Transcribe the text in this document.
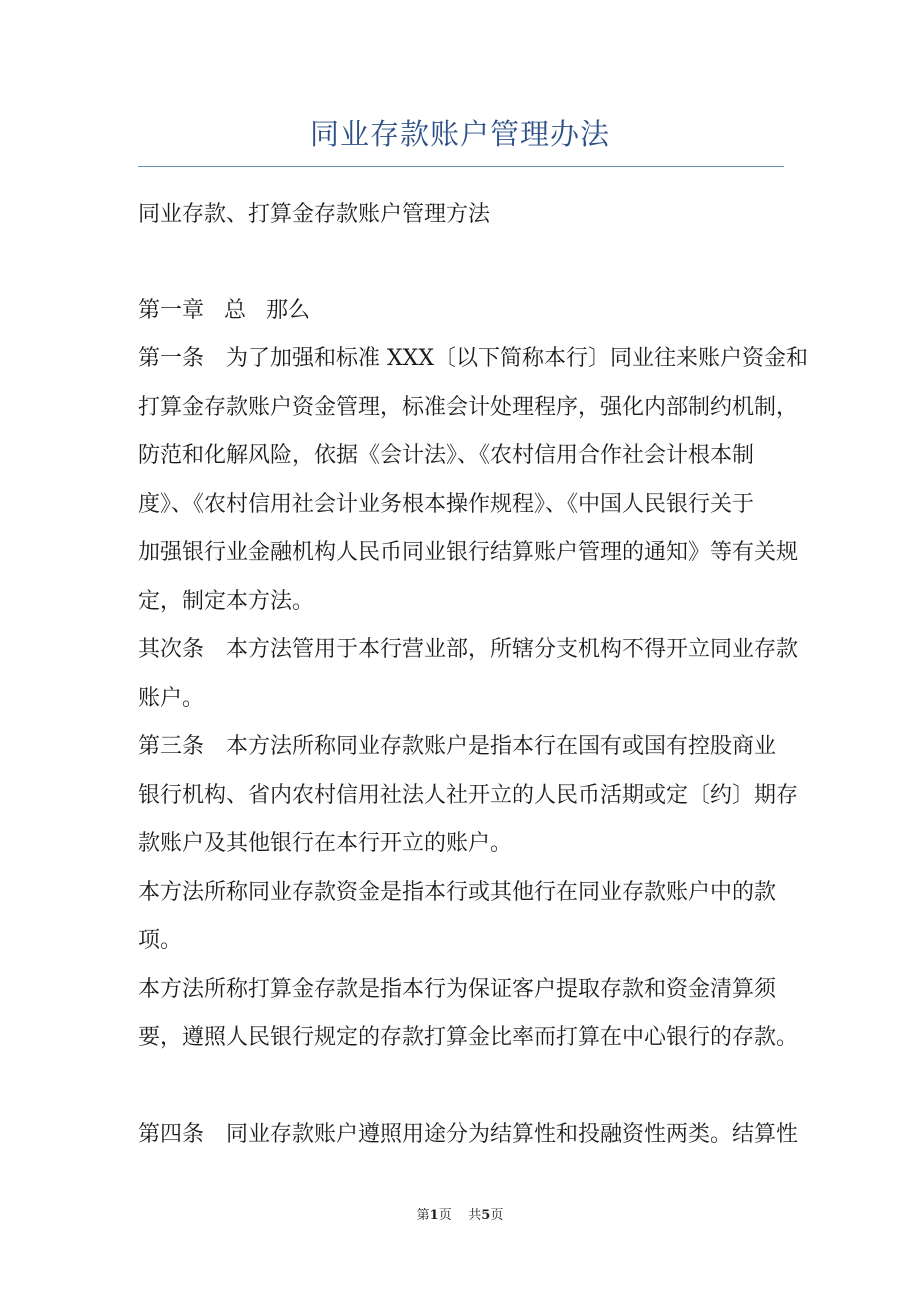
同业存款账户管理办法
同业存款、打算金存款账户管理方法
第一章 总 那么
第一条　为了加强和标准 XXX〔以下简称本行〕同业往来账户资金和
打算金存款账户资金管理，标准会计处理程序，强化内部制约机制，
防范和化解风险，依据《会计法》、《农村信用合作社会计根本制
度》、《农村信用社会计业务根本操作规程》、《中国人民银行关于
加强银行业金融机构人民币同业银行结算账户管理的通知》等有关规
定，制定本方法。
其次条　本方法管用于本行营业部，所辖分支机构不得开立同业存款
账户。
第三条　本方法所称同业存款账户是指本行在国有或国有控股商业
银行机构、省内农村信用社法人社开立的人民币活期或定〔约〕期存
款账户及其他银行在本行开立的账户。
本方法所称同业存款资金是指本行或其他行在同业存款账户中的款
项。
本方法所称打算金存款是指本行为保证客户提取存款和资金清算须
要，遵照人民银行规定的存款打算金比率而打算在中心银行的存款。
第四条　同业存款账户遵照用途分为结算性和投融资性两类。结算性
第1页 共5页
